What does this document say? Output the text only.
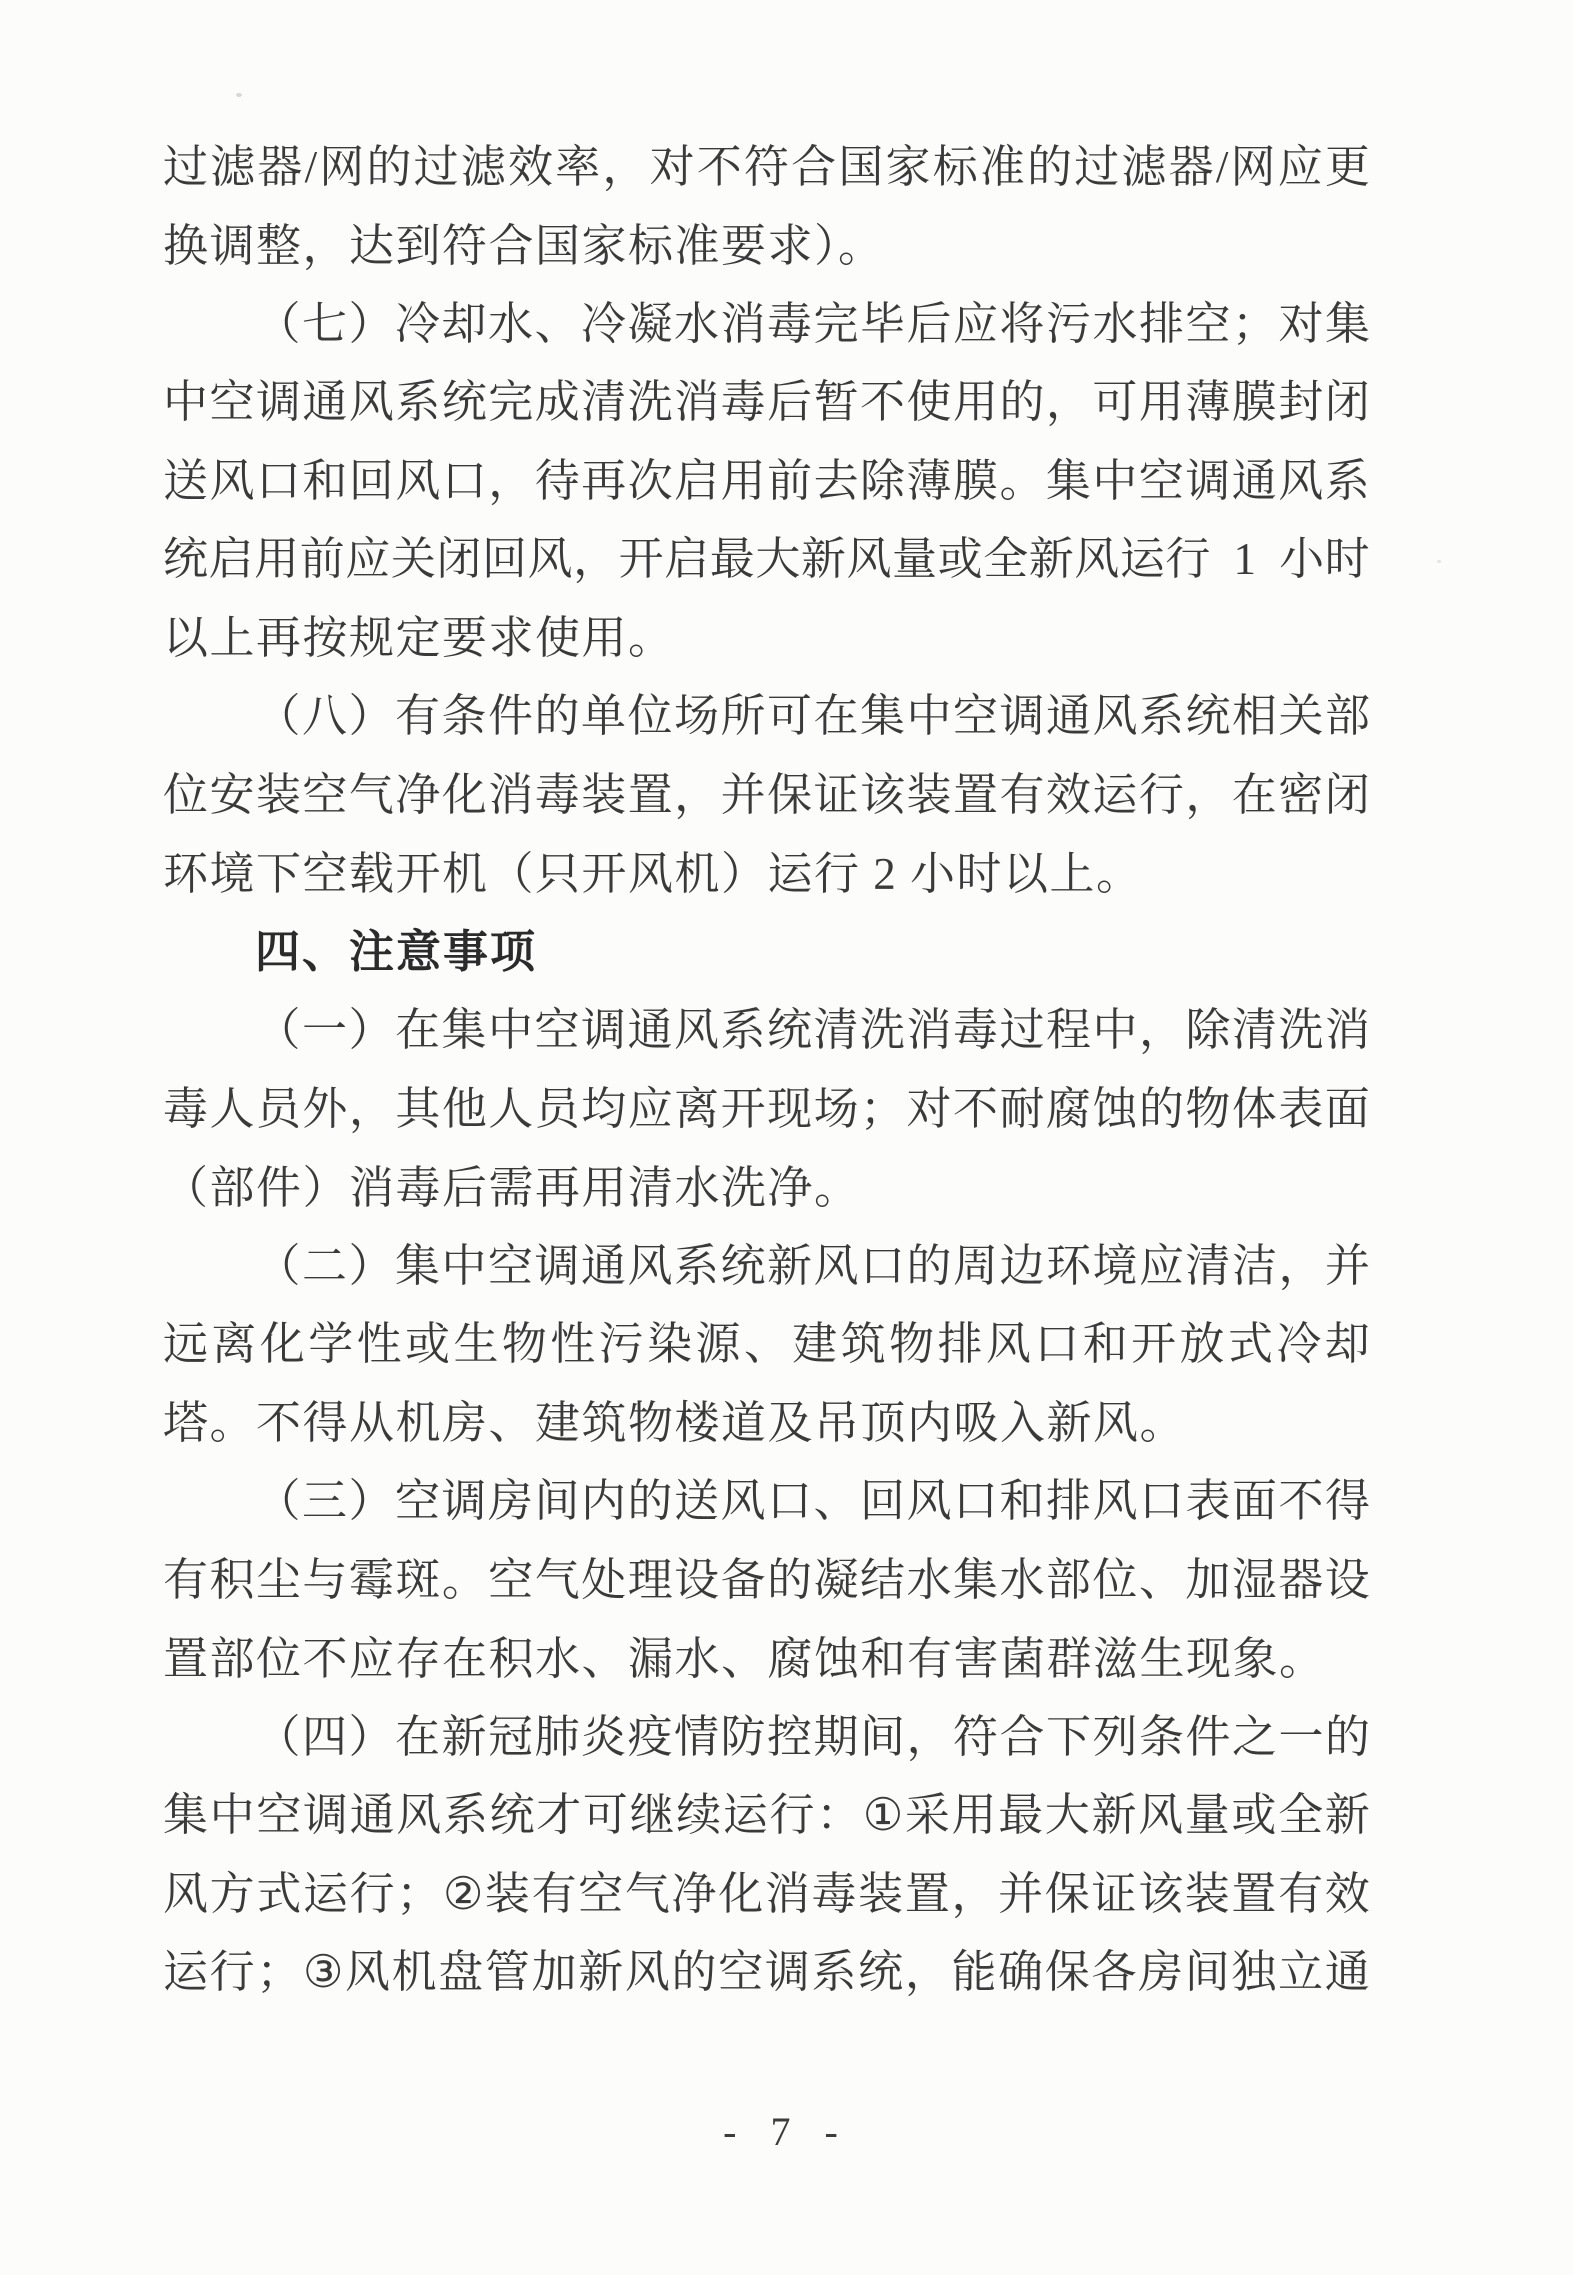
过 滤 器 / 网 的 过 滤 效 率 ， 对 不 符 合 国 家 标 准 的 过 滤 器 / 网 应 更
换调整，达到符合国家标准要求）。
（ 七 ） 冷 却 水 、 冷 凝 水 消 毒 完 毕 后 应 将 污 水 排 空 ； 对 集
中 空 调 通 风 系 统 完 成 清 洗 消 毒 后 暂 不 使 用 的 ， 可 用 薄 膜 封 闭
送 风 口 和 回 风 口 ， 待 再 次 启 用 前 去 除 薄 膜 。 集 中 空 调 通 风 系
统 启 用 前 应 关 闭 回 风 ， 开 启 最 大 新 风 量 或 全 新 风 运 行 1 小 时
以上再按规定要求使用。
（ 八 ） 有 条 件 的 单 位 场 所 可 在 集 中 空 调 通 风 系 统 相 关 部
位 安 装 空 气 净 化 消 毒 装 置 ， 并 保 证 该 装 置 有 效 运 行 ， 在 密 闭
环境下空载开机（只开风机）运行 2 小时以上。
四、注意事项
（ 一 ） 在 集 中 空 调 通 风 系 统 清 洗 消 毒 过 程 中 ， 除 清 洗 消
毒 人 员 外 ， 其 他 人 员 均 应 离 开 现 场 ； 对 不 耐 腐 蚀 的 物 体 表 面
（部件）消毒后需再用清水洗净。
（ 二 ） 集 中 空 调 通 风 系 统 新 风 口 的 周 边 环 境 应 清 洁 ， 并
远 离 化 学 性 或 生 物 性 污 染 源 、 建 筑 物 排 风 口 和 开 放 式 冷 却
塔。不得从机房、建筑物楼道及吊顶内吸入新风。
（ 三 ） 空 调 房 间 内 的 送 风 口 、 回 风 口 和 排 风 口 表 面 不 得
有 积 尘 与 霉 斑 。 空 气 处 理 设 备 的 凝 结 水 集 水 部 位 、 加 湿 器 设
置部位不应存在积水、漏水、腐蚀和有害菌群滋生现象。
（ 四 ） 在 新 冠 肺 炎 疫 情 防 控 期 间 ， 符 合 下 列 条 件 之 一 的
集 中 空 调 通 风 系 统 才 可 继 续 运 行 ： ① 采 用 最 大 新 风 量 或 全 新
风 方 式 运 行 ； ② 装 有 空 气 净 化 消 毒 装 置 ， 并 保 证 该 装 置 有 效
运 行 ； ③ 风 机 盘 管 加 新 风 的 空 调 系 统 ， 能 确 保 各 房 间 独 立 通
- 7 -
